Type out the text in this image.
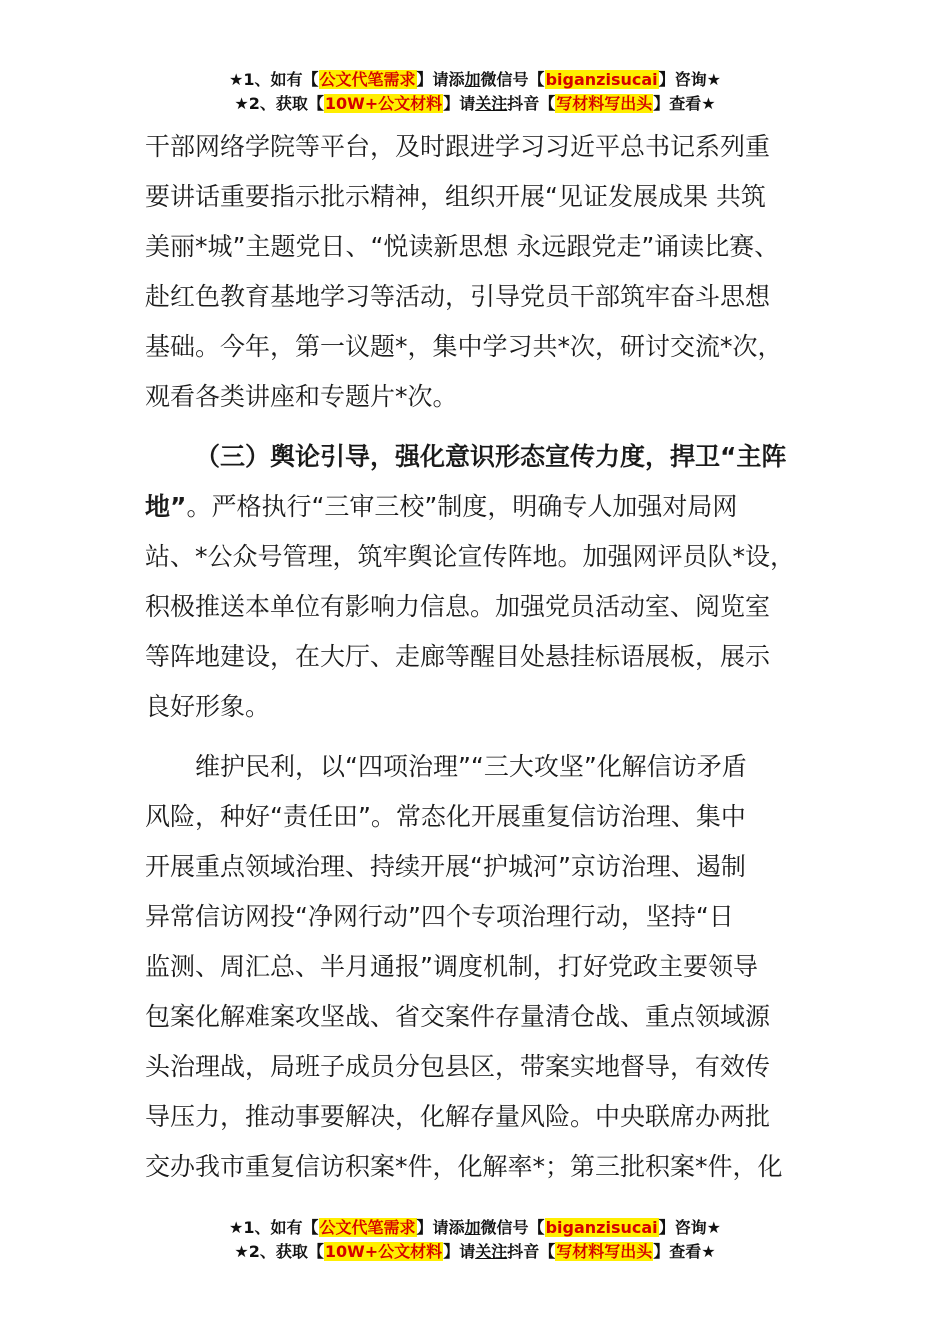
★1、如有【公文代笔需求】请添加微信号【biganzisucai】咨询★
★2、获取【10W+公文材料】请关注抖音【写材料写出头】查看★
干部网络学院等平台，及时跟进学习习近平总书记系列重
要讲话重要指示批示精神，组织开展“见证发展成果 共筑
美丽*城”主题党日、“悦读新思想 永远跟党走”诵读比赛、
赴红色教育基地学习等活动，引导党员干部筑牢奋斗思想
基础。今年，第一议题*，集中学习共*次，研讨交流*次，
观看各类讲座和专题片*次。
（三）舆论引导，强化意识形态宣传力度，捍卫“主阵
地”。严格执行“三审三校”制度，明确专人加强对局网
站、*公众号管理，筑牢舆论宣传阵地。加强网评员队*设，
积极推送本单位有影响力信息。加强党员活动室、阅览室
等阵地建设，在大厅、走廊等醒目处悬挂标语展板，展示
良好形象。
维护民利，以“四项治理”“三大攻坚”化解信访矛盾
风险，种好“责任田”。常态化开展重复信访治理、集中
开展重点领域治理、持续开展“护城河”京访治理、遏制
异常信访网投“净网行动”四个专项治理行动，坚持“日
监测、周汇总、半月通报”调度机制，打好党政主要领导
包案化解难案攻坚战、省交案件存量清仓战、重点领域源
头治理战，局班子成员分包县区，带案实地督导，有效传
导压力，推动事要解决，化解存量风险。中央联席办两批
交办我市重复信访积案*件，化解率*；第三批积案*件，化
★1、如有【公文代笔需求】请添加微信号【biganzisucai】咨询★
★2、获取【10W+公文材料】请关注抖音【写材料写出头】查看★
